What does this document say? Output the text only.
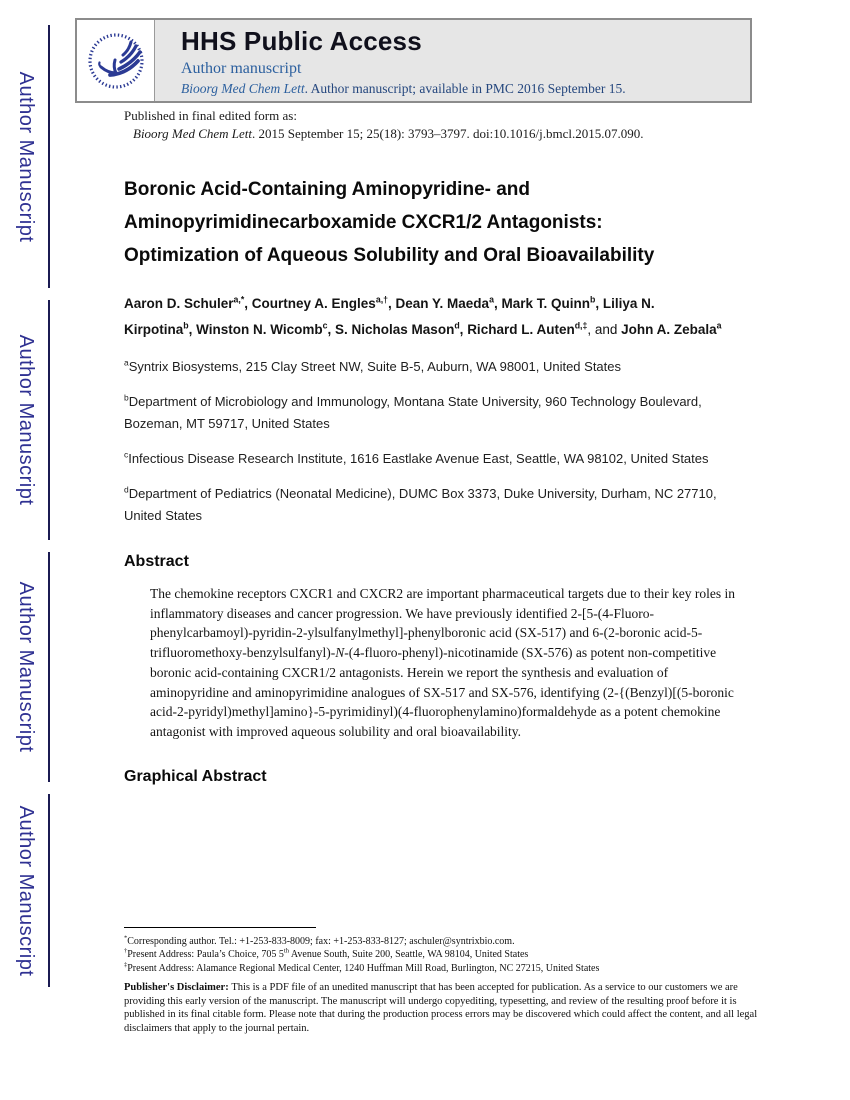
Author Manuscript
Author Manuscript
Author Manuscript
Author Manuscript
HHS Public Access
Author manuscript
Bioorg Med Chem Lett. Author manuscript; available in PMC 2016 September 15.

Published in final edited form as:

Bioorg Med Chem Lett. 2015 September 15; 25(18): 3793–3797. doi:10.1016/j.bmcl.2015.07.090.

Boronic Acid-Containing Aminopyridine- and
Aminopyrimidinecarboxamide CXCR1/2 Antagonists:
Optimization of Aqueous Solubility and Oral Bioavailability

Aaron D. Schuler$^{a,*}$, Courtney A. Engles$^{a,\dagger}$, Dean Y. Maeda$^a$, Mark T. Quinn$^b$, Liliya N. Kirpotina$^b$, Winston N. Wicomb$^c$, S. Nicholas Mason$^d$, Richard L. Auten$^{d,\ddagger}$, and John A. Zebala$^a$

$^a$Syntrix Biosystems, 215 Clay Street NW, Suite B-5, Auburn, WA 98001, United States

$^b$Department of Microbiology and Immunology, Montana State University, 960 Technology Boulevard, Bozeman, MT 59717, United States

$^c$Infectious Disease Research Institute, 1616 Eastlake Avenue East, Seattle, WA 98102, United States

$^d$Department of Pediatrics (Neonatal Medicine), DUMC Box 3373, Duke University, Durham, NC 27710, United States

Abstract

The chemokine receptors CXCR1 and CXCR2 are important pharmaceutical targets due to their key roles in inflammatory diseases and cancer progression. We have previously identified 2-[5-(4-Fluoro-phenylcarbamoyl)-pyridin-2-ylsulfanylmethyl]-phenylboronic acid (SX-517) and 6-(2-boronic acid-5-trifluoromethoxy-benzylsulfanyl)-N-(4-fluoro-phenyl)-nicotinamide (SX-576) as potent non-competitive boronic acid-containing CXCR1/2 antagonists. Herein we report the synthesis and evaluation of aminopyridine and aminopyrimidine analogues of SX-517 and SX-576, identifying (2-{(Benzyl)[(5-boronic acid-2-pyridyl)methyl]amino}-5-pyrimidinyl)(4-fluorophenylamino)formaldehyde as a potent chemokine antagonist with improved aqueous solubility and oral bioavailability.

Graphical Abstract

*Corresponding author. Tel.: +1-253-833-8009; fax: +1-253-833-8127; aschuler@syntrixbio.com.

†Present Address: Paula’s Choice, 705 5th Avenue South, Suite 200, Seattle, WA 98104, United States

‡Present Address: Alamance Regional Medical Center, 1240 Huffman Mill Road, Burlington, NC 27215, United States

Publisher's Disclaimer: This is a PDF file of an unedited manuscript that has been accepted for publication. As a service to our customers we are providing this early version of the manuscript. The manuscript will undergo copyediting, typesetting, and review of the resulting proof before it is published in its final citable form. Please note that during the production process errors may be discovered which could affect the content, and all legal disclaimers that apply to the journal pertain.
